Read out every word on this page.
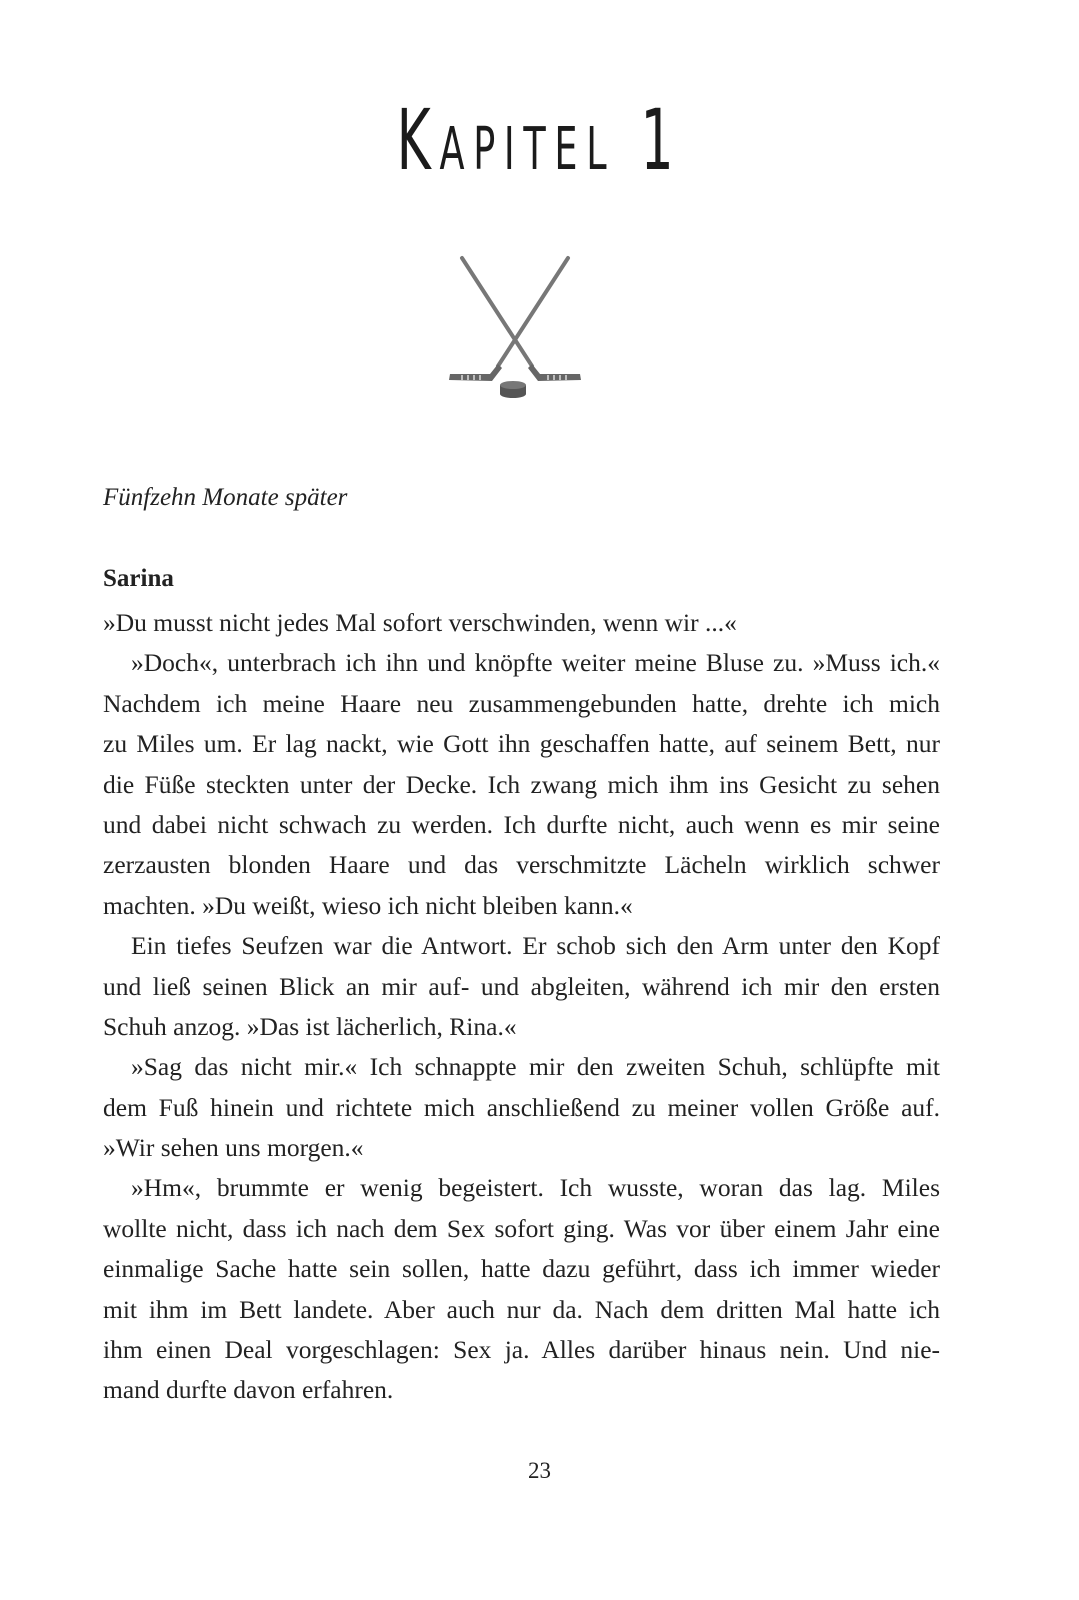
Kapitel 1
Fünfzehn Monate später
Sarina
»Du musst nicht jedes Mal sofort verschwinden, wenn wir ...«
»Doch«, unterbrach ich ihn und knöpfte weiter meine Bluse zu. »Muss ich.«
Nachdem ich meine Haare neu zusammengebunden hatte, drehte ich mich
zu Miles um. Er lag nackt, wie Gott ihn geschaffen hatte, auf seinem Bett, nur
die Füße steckten unter der Decke. Ich zwang mich ihm ins Gesicht zu sehen
und dabei nicht schwach zu werden. Ich durfte nicht, auch wenn es mir seine
zerzausten blonden Haare und das verschmitzte Lächeln wirklich schwer
machten. »Du weißt, wieso ich nicht bleiben kann.«
Ein tiefes Seufzen war die Antwort. Er schob sich den Arm unter den Kopf
und ließ seinen Blick an mir auf- und abgleiten, während ich mir den ersten
Schuh anzog. »Das ist lächerlich, Rina.«
»Sag das nicht mir.« Ich schnappte mir den zweiten Schuh, schlüpfte mit
dem Fuß hinein und richtete mich anschließend zu meiner vollen Größe auf.
»Wir sehen uns morgen.«
»Hm«, brummte er wenig begeistert. Ich wusste, woran das lag. Miles
wollte nicht, dass ich nach dem Sex sofort ging. Was vor über einem Jahr eine
einmalige Sache hatte sein sollen, hatte dazu geführt, dass ich immer wieder
mit ihm im Bett landete. Aber auch nur da. Nach dem dritten Mal hatte ich
ihm einen Deal vorgeschlagen: Sex ja. Alles darüber hinaus nein. Und nie-
mand durfte davon erfahren.
23
